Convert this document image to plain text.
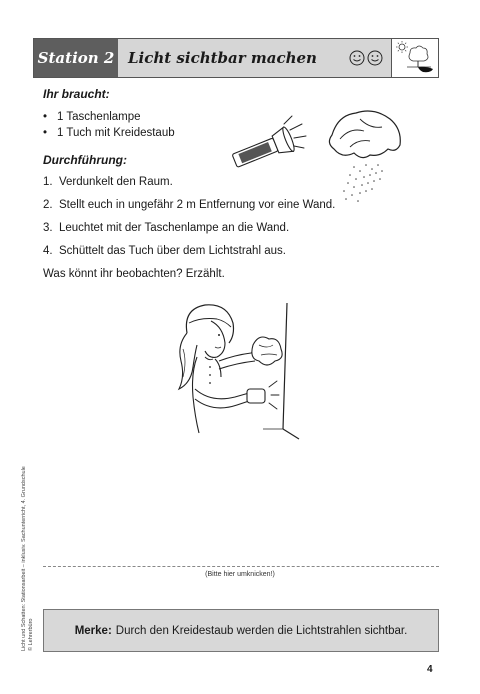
Station 2 Licht sichtbar machen
Ihr braucht:
• 1 Taschenlampe
• 1 Tuch mit Kreidestaub
Durchführung:
1. Verdunkelt den Raum.
2. Stellt euch in ungefähr 2 m Entfernung vor eine Wand.
3. Leuchtet mit der Taschenlampe an die Wand.
4. Schüttelt das Tuch über dem Lichtstrahl aus.
Was könnt ihr beobachten? Erzählt.
(Bitte hier umknicken!)
Merke: Durch den Kreidestaub werden die Lichtstrahlen sichtbar.
Licht und Schatten: Stationsarbeit – inklusiv. Sachunterricht, 4. Grundschule © Lehrerbüro
4
